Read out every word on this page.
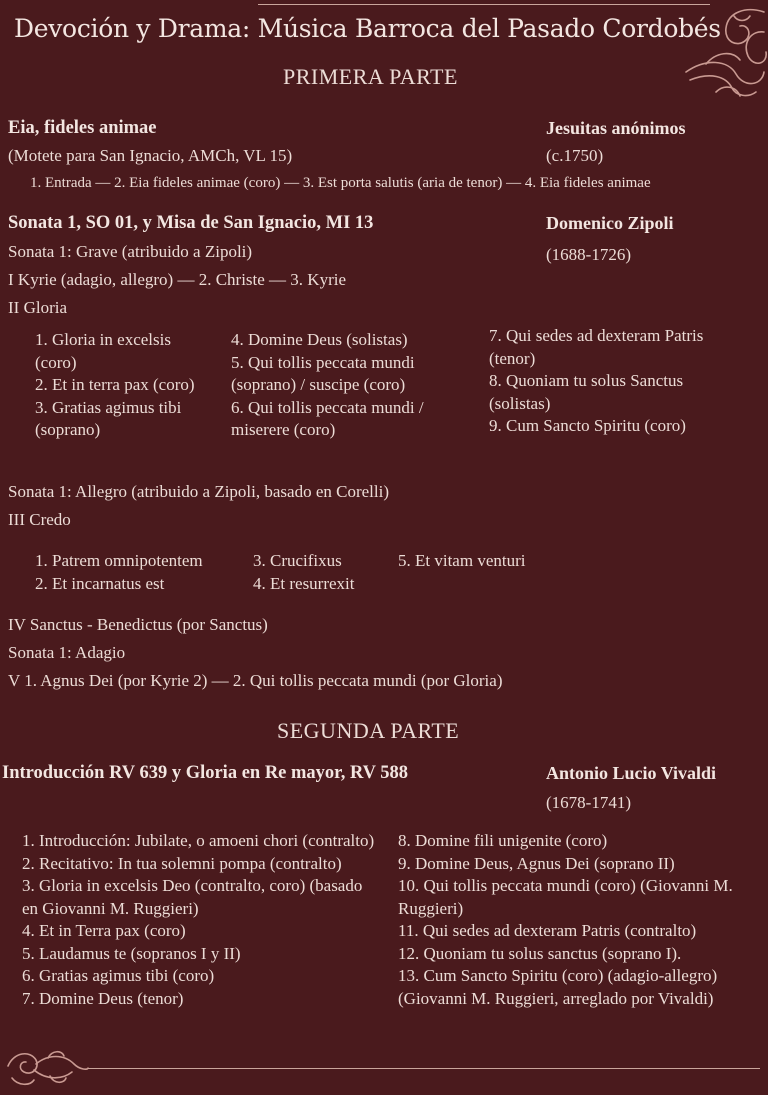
Devoción y Drama: Música Barroca del Pasado Cordobés
PRIMERA PARTE
Eia, fideles animae	Jesuitas anónimos
(Motete para San Ignacio, AMCh, VL 15)	(c.1750)
1. Entrada — 2. Eia fideles animae (coro) — 3. Est porta salutis (aria de tenor) — 4. Eia fideles animae
Sonata 1, SO 01, y Misa de San Ignacio, MI 13	Domenico Zipoli
Sonata 1: Grave (atribuido a Zipoli)	(1688-1726)
I Kyrie (adagio, allegro) — 2. Christe — 3. Kyrie
II Gloria
1. Gloria in excelsis (coro)
2. Et in terra pax (coro)
3. Gratias agimus tibi (soprano)
4. Domine Deus (solistas)
5. Qui tollis peccata mundi (soprano) / suscipe (coro)
6. Qui tollis peccata mundi / miserere (coro)
7. Qui sedes ad dexteram Patris (tenor)
8. Quoniam tu solus Sanctus (solistas)
9. Cum Sancto Spiritu (coro)
Sonata 1: Allegro (atribuido a Zipoli, basado en Corelli)
III Credo
1. Patrem omnipotentem
2. Et incarnatus est
3. Crucifixus
4. Et resurrexit
5. Et vitam venturi
IV Sanctus - Benedictus (por Sanctus)
Sonata 1: Adagio
V 1. Agnus Dei (por Kyrie 2) — 2. Qui tollis peccata mundi (por Gloria)
SEGUNDA PARTE
Introducción RV 639 y Gloria en Re mayor, RV 588	Antonio Lucio Vivaldi
(1678-1741)
1. Introducción: Jubilate, o amoeni chori (contralto)
2. Recitativo: In tua solemni pompa (contralto)
3. Gloria in excelsis Deo (contralto, coro) (basado en Giovanni M. Ruggieri)
4. Et in Terra pax (coro)
5. Laudamus te (sopranos I y II)
6. Gratias agimus tibi (coro)
7. Domine Deus (tenor)
8. Domine fili unigenite (coro)
9. Domine Deus, Agnus Dei (soprano II)
10. Qui tollis peccata mundi (coro) (Giovanni M. Ruggieri)
11. Qui sedes ad dexteram Patris (contralto)
12. Quoniam tu solus sanctus (soprano I).
13. Cum Sancto Spiritu (coro) (adagio-allegro) (Giovanni M. Ruggieri, arreglado por Vivaldi)
